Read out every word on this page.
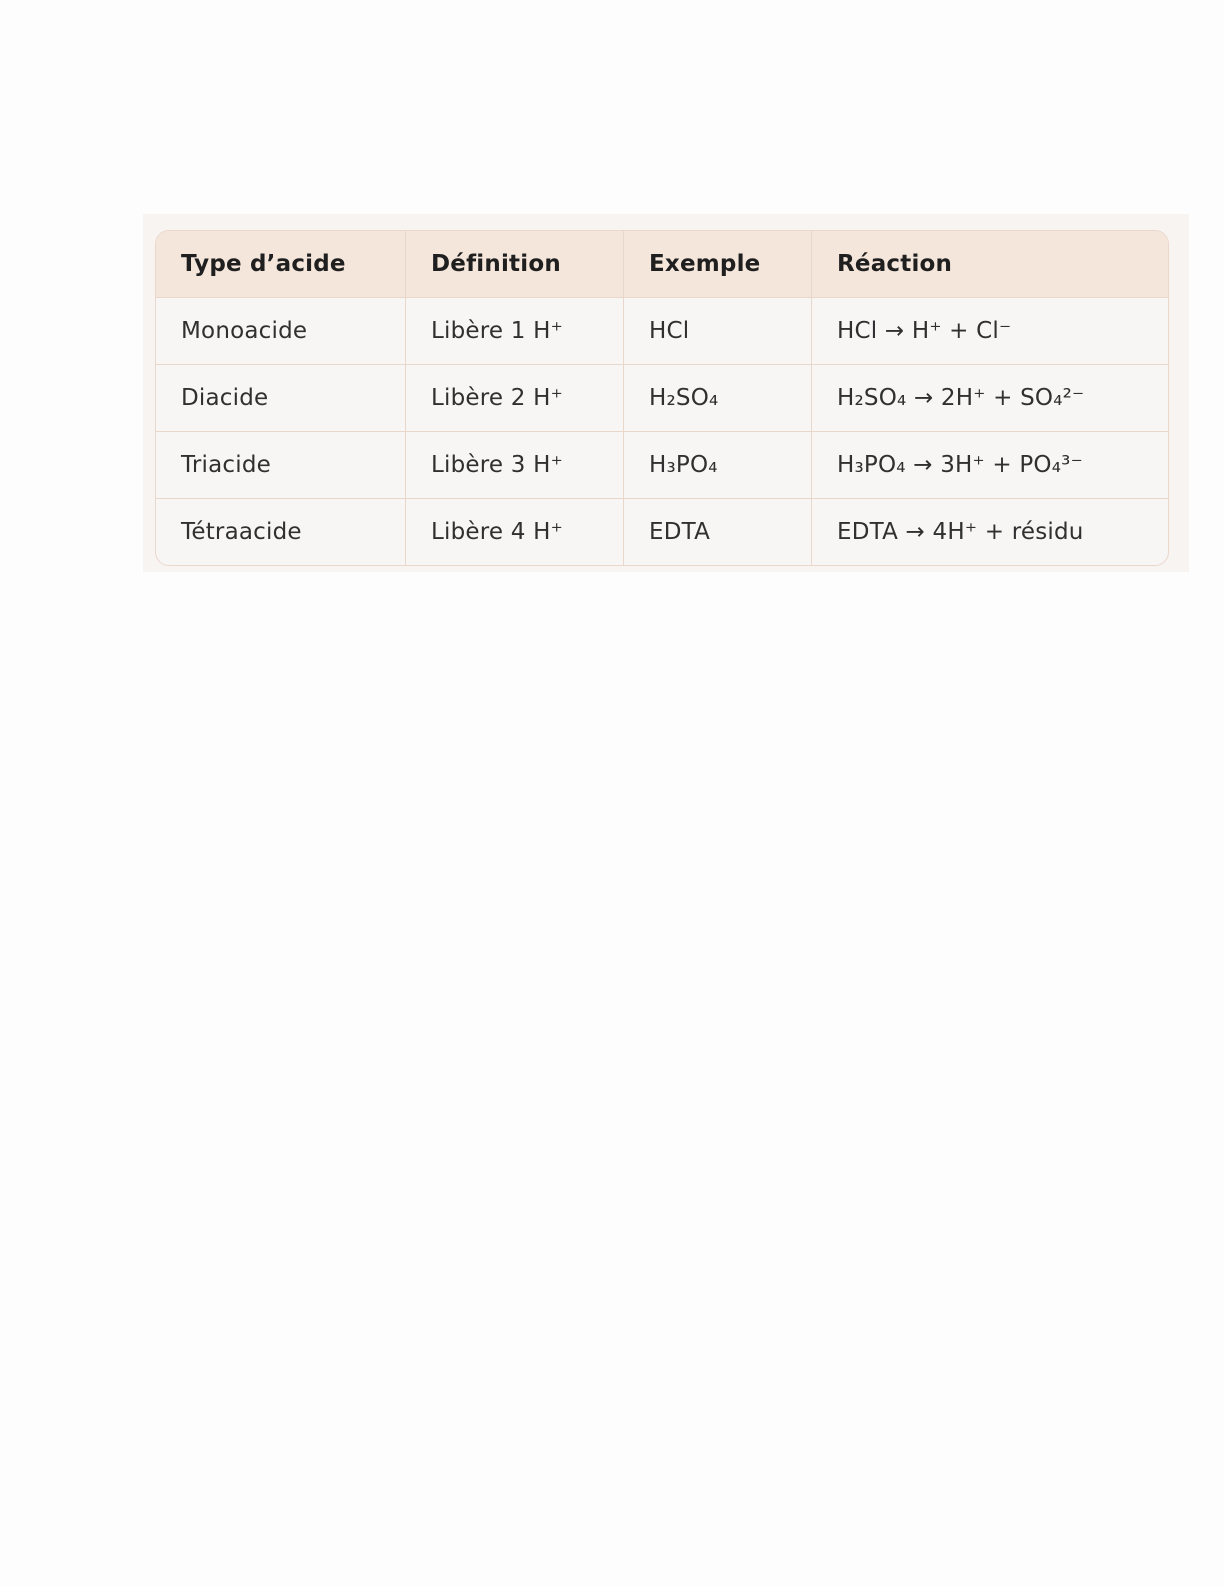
Type d’acide	Définition	Exemple	Réaction
Monoacide	Libère 1 H⁺	HCl	HCl → H⁺ + Cl⁻
Diacide	Libère 2 H⁺	H₂SO₄	H₂SO₄ → 2H⁺ + SO₄²⁻
Triacide	Libère 3 H⁺	H₃PO₄	H₃PO₄ → 3H⁺ + PO₄³⁻
Tétraacide	Libère 4 H⁺	EDTA	EDTA → 4H⁺ + résidu
